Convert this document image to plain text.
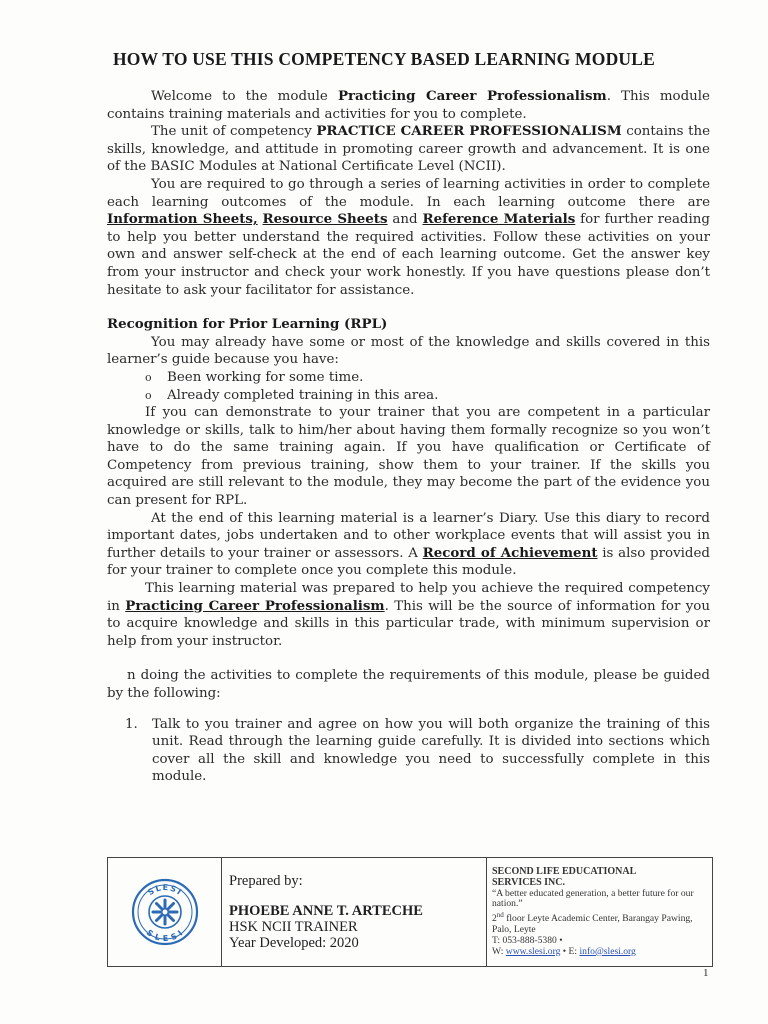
HOW TO USE THIS COMPETENCY BASED LEARNING MODULE

Welcome to the module Practicing Career Professionalism. This module contains training materials and activities for you to complete.

The unit of competency PRACTICE CAREER PROFESSIONALISM contains the skills, knowledge, and attitude in promoting career growth and advancement. It is one of the BASIC Modules at National Certificate Level (NCII).

You are required to go through a series of learning activities in order to complete each learning outcomes of the module. In each learning outcome there are Information Sheets, Resource Sheets and Reference Materials for further reading to help you better understand the required activities. Follow these activities on your own and answer self-check at the end of each learning outcome. Get the answer key from your instructor and check your work honestly. If you have questions please don’t hesitate to ask your facilitator for assistance.

Recognition for Prior Learning (RPL)

You may already have some or most of the knowledge and skills covered in this learner’s guide because you have:

o	Been working for some time.
o	Already completed training in this area.

If you can demonstrate to your trainer that you are competent in a particular knowledge or skills, talk to him/her about having them formally recognize so you won’t have to do the same training again. If you have qualification or Certificate of Competency from previous training, show them to your trainer. If the skills you acquired are still relevant to the module, they may become the part of the evidence you can present for RPL.

At the end of this learning material is a learner’s Diary. Use this diary to record important dates, jobs undertaken and to other workplace events that will assist you in further details to your trainer or assessors. A Record of Achievement is also provided for your trainer to complete once you complete this module.

This learning material was prepared to help you achieve the required competency in Practicing Career Professionalism. This will be the source of information for you to acquire knowledge and skills in this particular trade, with minimum supervision or help from your instructor.

n doing the activities to complete the requirements of this module, please be guided by the following:

1.	Talk to you trainer and agree on how you will both organize the training of this unit. Read through the learning guide carefully. It is divided into sections which cover all the skill and knowledge you need to successfully complete in this module.
SLESI
SLESI
Prepared by:
PHOEBE ANNE T. ARTECHE
HSK NCII TRAINER
Year Developed: 2020
SECOND LIFE EDUCATIONAL
SERVICES INC.
“A better educated generation, a better future for our nation.”
2nd floor Leyte Academic Center, Barangay Pawing, Palo, Leyte
T: 053-888-5380 •
W: www.slesi.org • E: info@slesi.org
1
